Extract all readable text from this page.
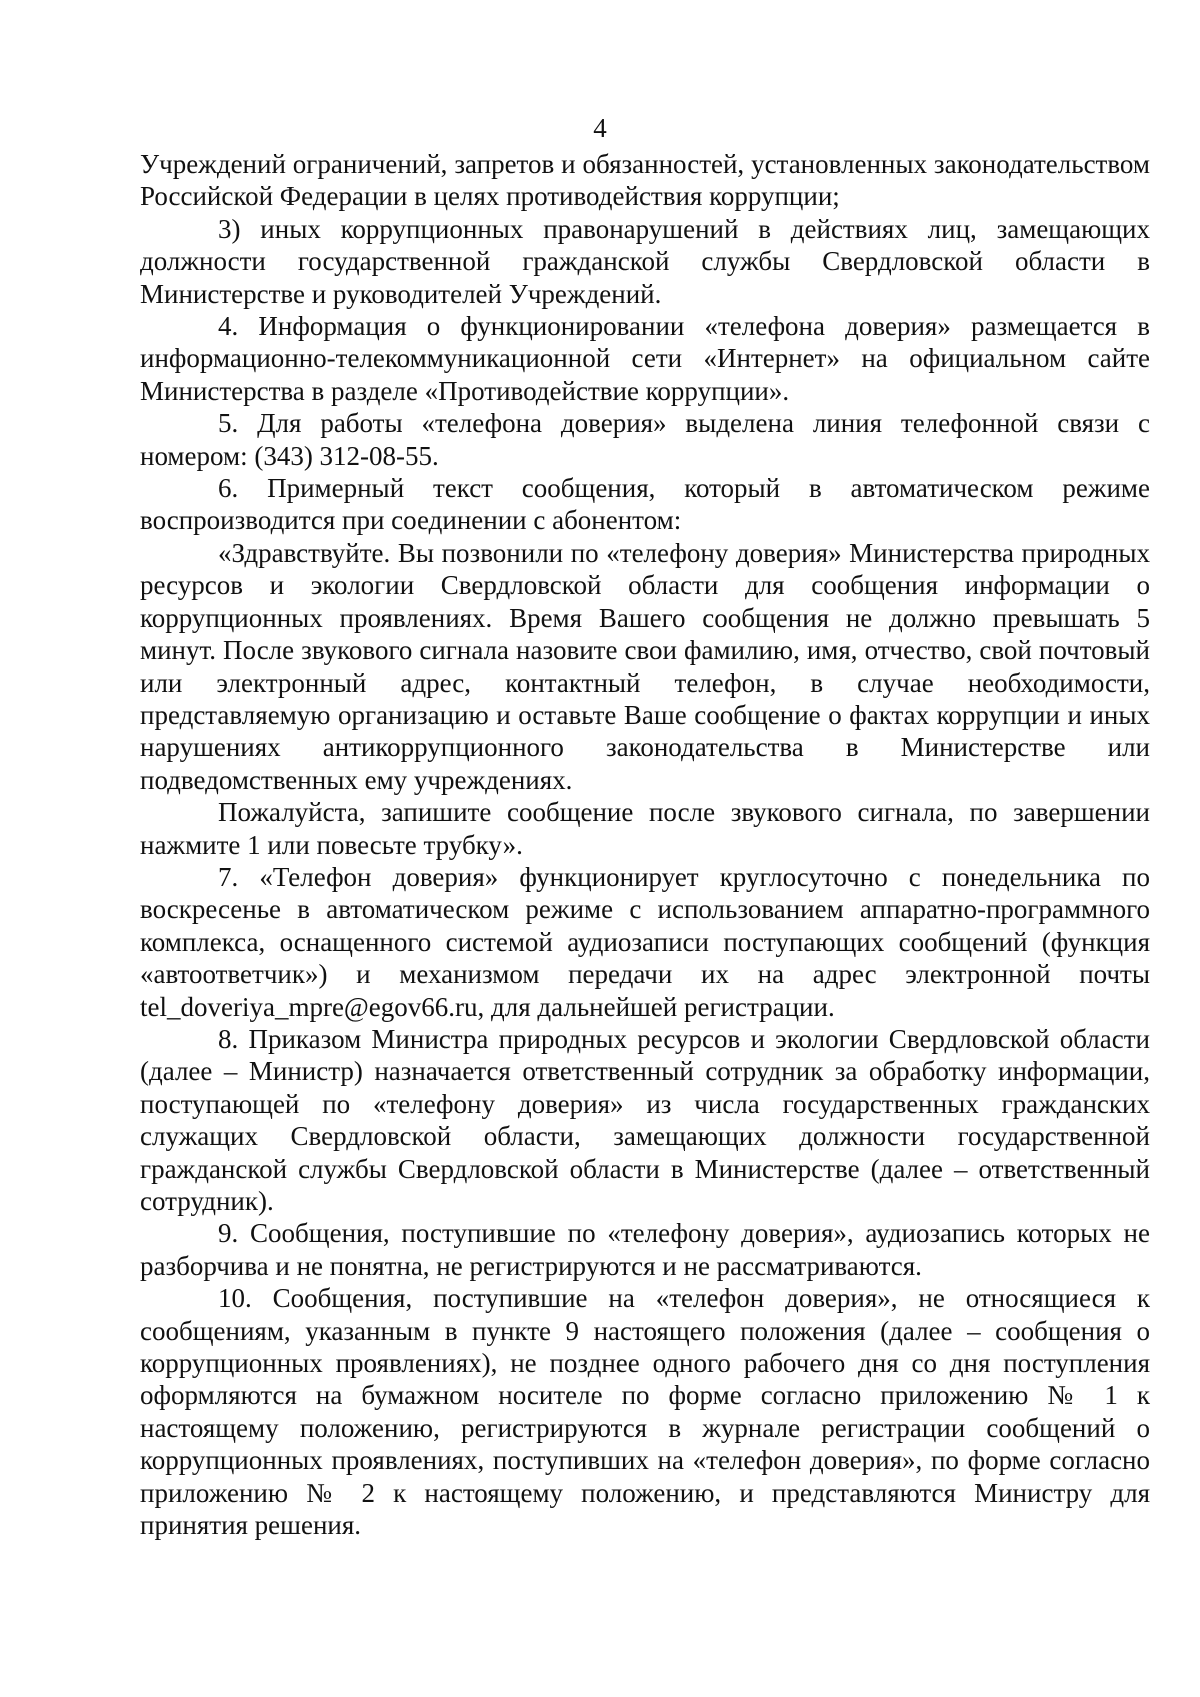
4

Учреждений ограничений, запретов и обязанностей, установленных законодательством Российской Федерации в целях противодействия коррупции;

3) иных коррупционных правонарушений в действиях лиц, замещающих должности государственной гражданской службы Свердловской области в Министерстве и руководителей Учреждений.

4. Информация о функционировании «телефона доверия» размещается в информационно-телекоммуникационной сети «Интернет» на официальном сайте Министерства в разделе «Противодействие коррупции».

5. Для работы «телефона доверия» выделена линия телефонной связи с номером: (343) 312-08-55.

6. Примерный текст сообщения, который в автоматическом режиме воспроизводится при соединении с абонентом:

«Здравствуйте. Вы позвонили по «телефону доверия» Министерства природных ресурсов и экологии Свердловской области для сообщения информации о коррупционных проявлениях. Время Вашего сообщения не должно превышать 5 минут. После звукового сигнала назовите свои фамилию, имя, отчество, свой почтовый или электронный адрес, контактный телефон, в случае необходимости, представляемую организацию и оставьте Ваше сообщение о фактах коррупции и иных нарушениях антикоррупционного законодательства в Министерстве или подведомственных ему учреждениях.

Пожалуйста, запишите сообщение после звукового сигнала, по завершении нажмите 1 или повесьте трубку».

7. «Телефон доверия» функционирует круглосуточно с понедельника по воскресенье в автоматическом режиме с использованием аппаратно-программного комплекса, оснащенного системой аудиозаписи поступающих сообщений (функция «автоответчик») и механизмом передачи их на адрес электронной почты tel_doveriya_mpre@egov66.ru, для дальнейшей регистрации.

8. Приказом Министра природных ресурсов и экологии Свердловской области (далее – Министр) назначается ответственный сотрудник за обработку информации, поступающей по «телефону доверия» из числа государственных гражданских служащих Свердловской области, замещающих должности государственной гражданской службы Свердловской области в Министерстве (далее – ответственный сотрудник).

9. Сообщения, поступившие по «телефону доверия», аудиозапись которых не разборчива и не понятна, не регистрируются и не рассматриваются.

10. Сообщения, поступившие на «телефон доверия», не относящиеся к сообщениям, указанным в пункте 9 настоящего положения (далее – сообщения о коррупционных проявлениях), не позднее одного рабочего дня со дня поступления оформляются на бумажном носителе по форме согласно приложению № 1 к настоящему положению, регистрируются в журнале регистрации сообщений о коррупционных проявлениях, поступивших на «телефон доверия», по форме согласно приложению № 2 к настоящему положению, и представляются Министру для принятия решения.
